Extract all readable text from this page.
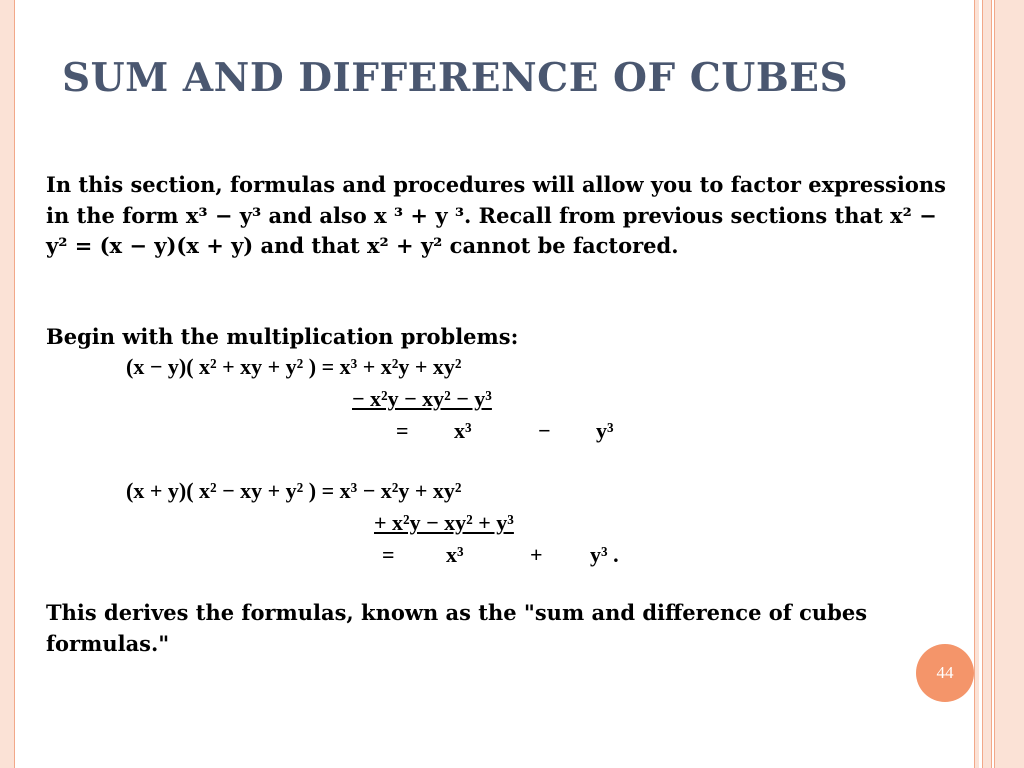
SUM AND DIFFERENCE OF CUBES

In this section, formulas and procedures will allow you to factor expressions in the form x³ − y³ and also x ³ + y ³. Recall from previous sections that x² − y² = (x − y)(x + y) and that x² + y² cannot be factored.

Begin with the multiplication problems:

(x − y)( x² + xy + y² ) = x³ + x²y + xy²
− x²y − xy² − y³
= x³	− y³
(x + y)( x² − xy + y² ) = x³ − x²y + xy²
+ x²y − xy² + y³
= x³	+ y³ .

This derives the formulas, known as the "sum and difference of cubes formulas."

44
